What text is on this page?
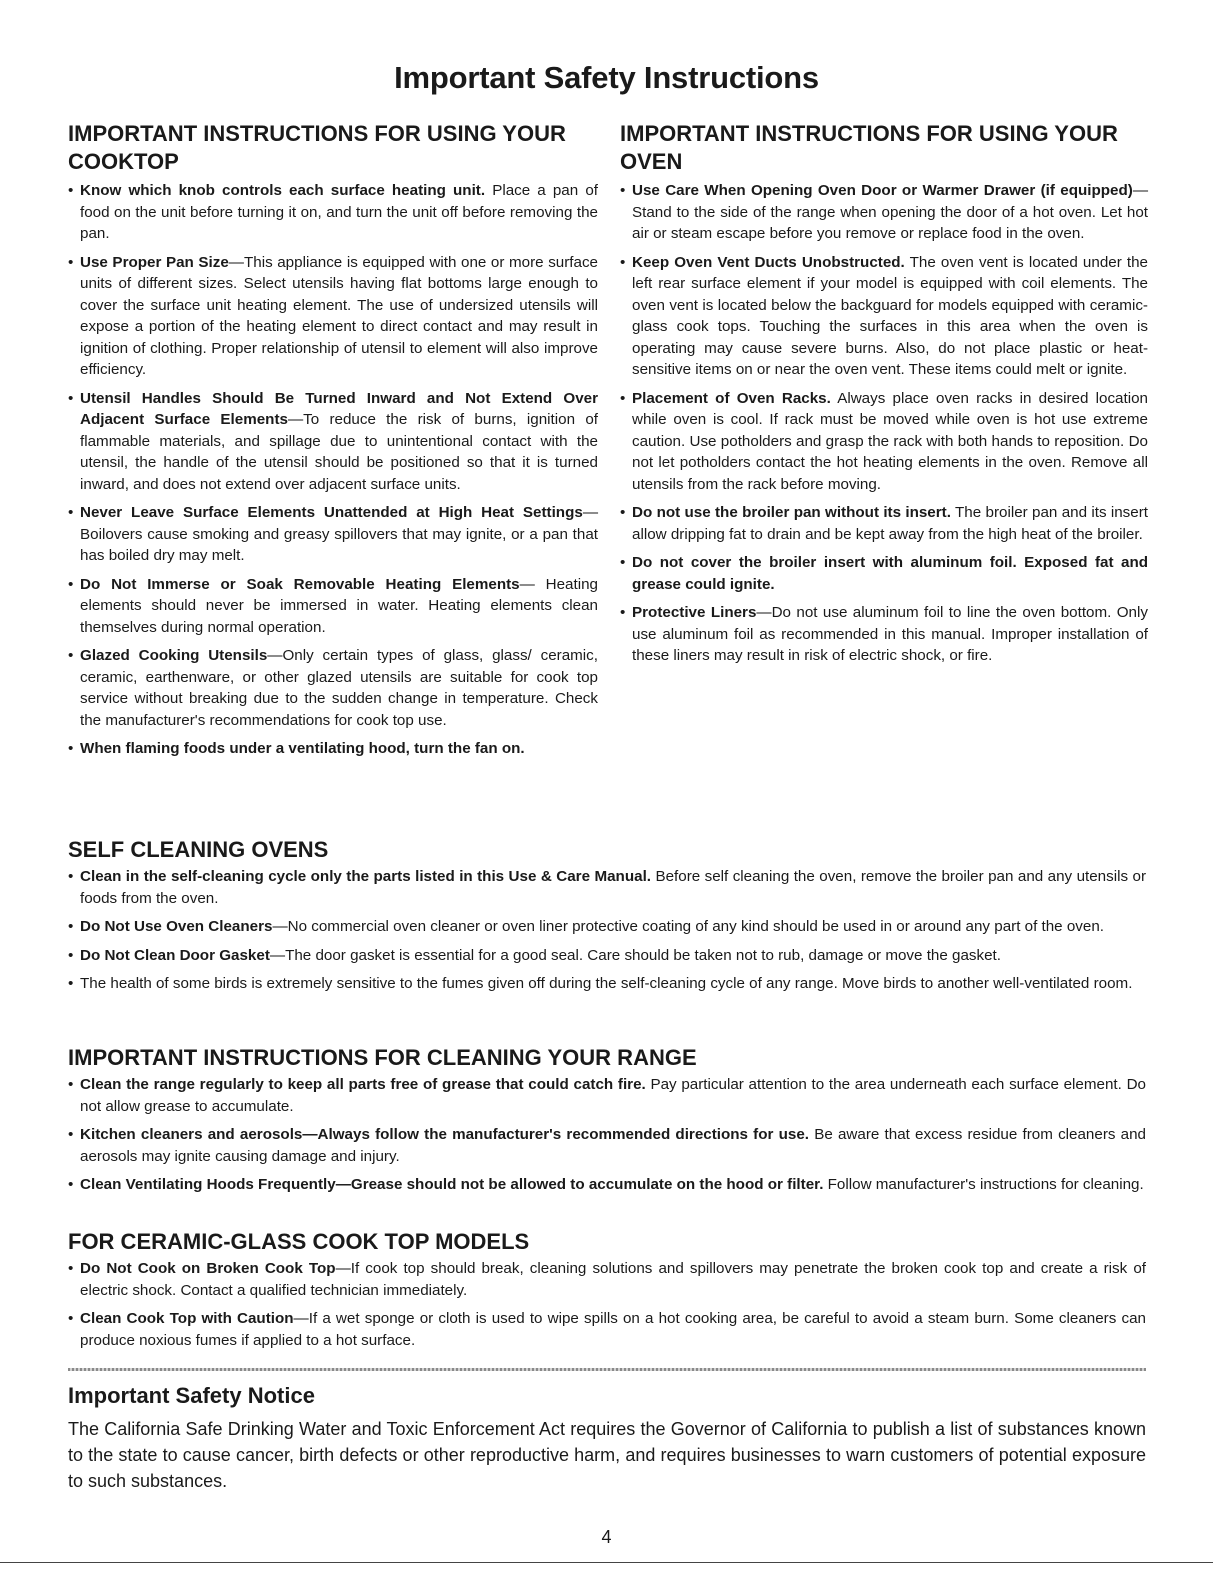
Important Safety Instructions
IMPORTANT INSTRUCTIONS FOR USING YOUR COOKTOP
• Know which knob controls each surface heating unit. Place a pan of food on the unit before turning it on, and turn the unit off before removing the pan.
• Use Proper Pan Size—This appliance is equipped with one or more surface units of different sizes. Select utensils having flat bottoms large enough to cover the surface unit heating element. The use of undersized utensils will expose a portion of the heating element to direct contact and may result in ignition of clothing. Proper relationship of utensil to element will also improve efficiency.
• Utensil Handles Should Be Turned Inward and Not Extend Over Adjacent Surface Elements—To reduce the risk of burns, ignition of flammable materials, and spillage due to unintentional contact with the utensil, the handle of the utensil should be positioned so that it is turned inward, and does not extend over adjacent surface units.
• Never Leave Surface Elements Unattended at High Heat Settings—Boilovers cause smoking and greasy spillovers that may ignite, or a pan that has boiled dry may melt.
• Do Not Immerse or Soak Removable Heating Elements— Heating elements should never be immersed in water. Heating elements clean themselves during normal operation.
• Glazed Cooking Utensils—Only certain types of glass, glass/ ceramic, ceramic, earthenware, or other glazed utensils are suitable for cook top service without breaking due to the sudden change in temperature. Check the manufacturer's recommendations for cook top use.
• When flaming foods under a ventilating hood, turn the fan on.
IMPORTANT INSTRUCTIONS FOR USING YOUR OVEN
• Use Care When Opening Oven Door or Warmer Drawer (if equipped)—Stand to the side of the range when opening the door of a hot oven. Let hot air or steam escape before you remove or replace food in the oven.
• Keep Oven Vent Ducts Unobstructed. The oven vent is located under the left rear surface element if your model is equipped with coil elements. The oven vent is located below the backguard for models equipped with ceramic-glass cook tops. Touching the surfaces in this area when the oven is operating may cause severe burns. Also, do not place plastic or heat-sensitive items on or near the oven vent. These items could melt or ignite.
• Placement of Oven Racks. Always place oven racks in desired location while oven is cool. If rack must be moved while oven is hot use extreme caution. Use potholders and grasp the rack with both hands to reposition. Do not let potholders contact the hot heating elements in the oven. Remove all utensils from the rack before moving.
• Do not use the broiler pan without its insert. The broiler pan and its insert allow dripping fat to drain and be kept away from the high heat of the broiler.
• Do not cover the broiler insert with aluminum foil. Exposed fat and grease could ignite.
• Protective Liners—Do not use aluminum foil to line the oven bottom. Only use aluminum foil as recommended in this manual. Improper installation of these liners may result in risk of electric shock, or fire.
SELF CLEANING OVENS
• Clean in the self-cleaning cycle only the parts listed in this Use & Care Manual. Before self cleaning the oven, remove the broiler pan and any utensils or foods from the oven.
• Do Not Use Oven Cleaners—No commercial oven cleaner or oven liner protective coating of any kind should be used in or around any part of the oven.
• Do Not Clean Door Gasket—The door gasket is essential for a good seal. Care should be taken not to rub, damage or move the gasket.
• The health of some birds is extremely sensitive to the fumes given off during the self-cleaning cycle of any range. Move birds to another well-ventilated room.
IMPORTANT INSTRUCTIONS FOR CLEANING YOUR RANGE
• Clean the range regularly to keep all parts free of grease that could catch fire. Pay particular attention to the area underneath each surface element. Do not allow grease to accumulate.
• Kitchen cleaners and aerosols—Always follow the manufacturer's recommended directions for use. Be aware that excess residue from cleaners and aerosols may ignite causing damage and injury.
• Clean Ventilating Hoods Frequently—Grease should not be allowed to accumulate on the hood or filter. Follow manufacturer's instructions for cleaning.
FOR CERAMIC-GLASS COOK TOP MODELS
• Do Not Cook on Broken Cook Top—If cook top should break, cleaning solutions and spillovers may penetrate the broken cook top and create a risk of electric shock. Contact a qualified technician immediately.
• Clean Cook Top with Caution—If a wet sponge or cloth is used to wipe spills on a hot cooking area, be careful to avoid a steam burn. Some cleaners can produce noxious fumes if applied to a hot surface.
Important Safety Notice

The California Safe Drinking Water and Toxic Enforcement Act requires the Governor of California to publish a list of substances known to the state to cause cancer, birth defects or other reproductive harm, and requires businesses to warn customers of potential exposure to such substances.

4
